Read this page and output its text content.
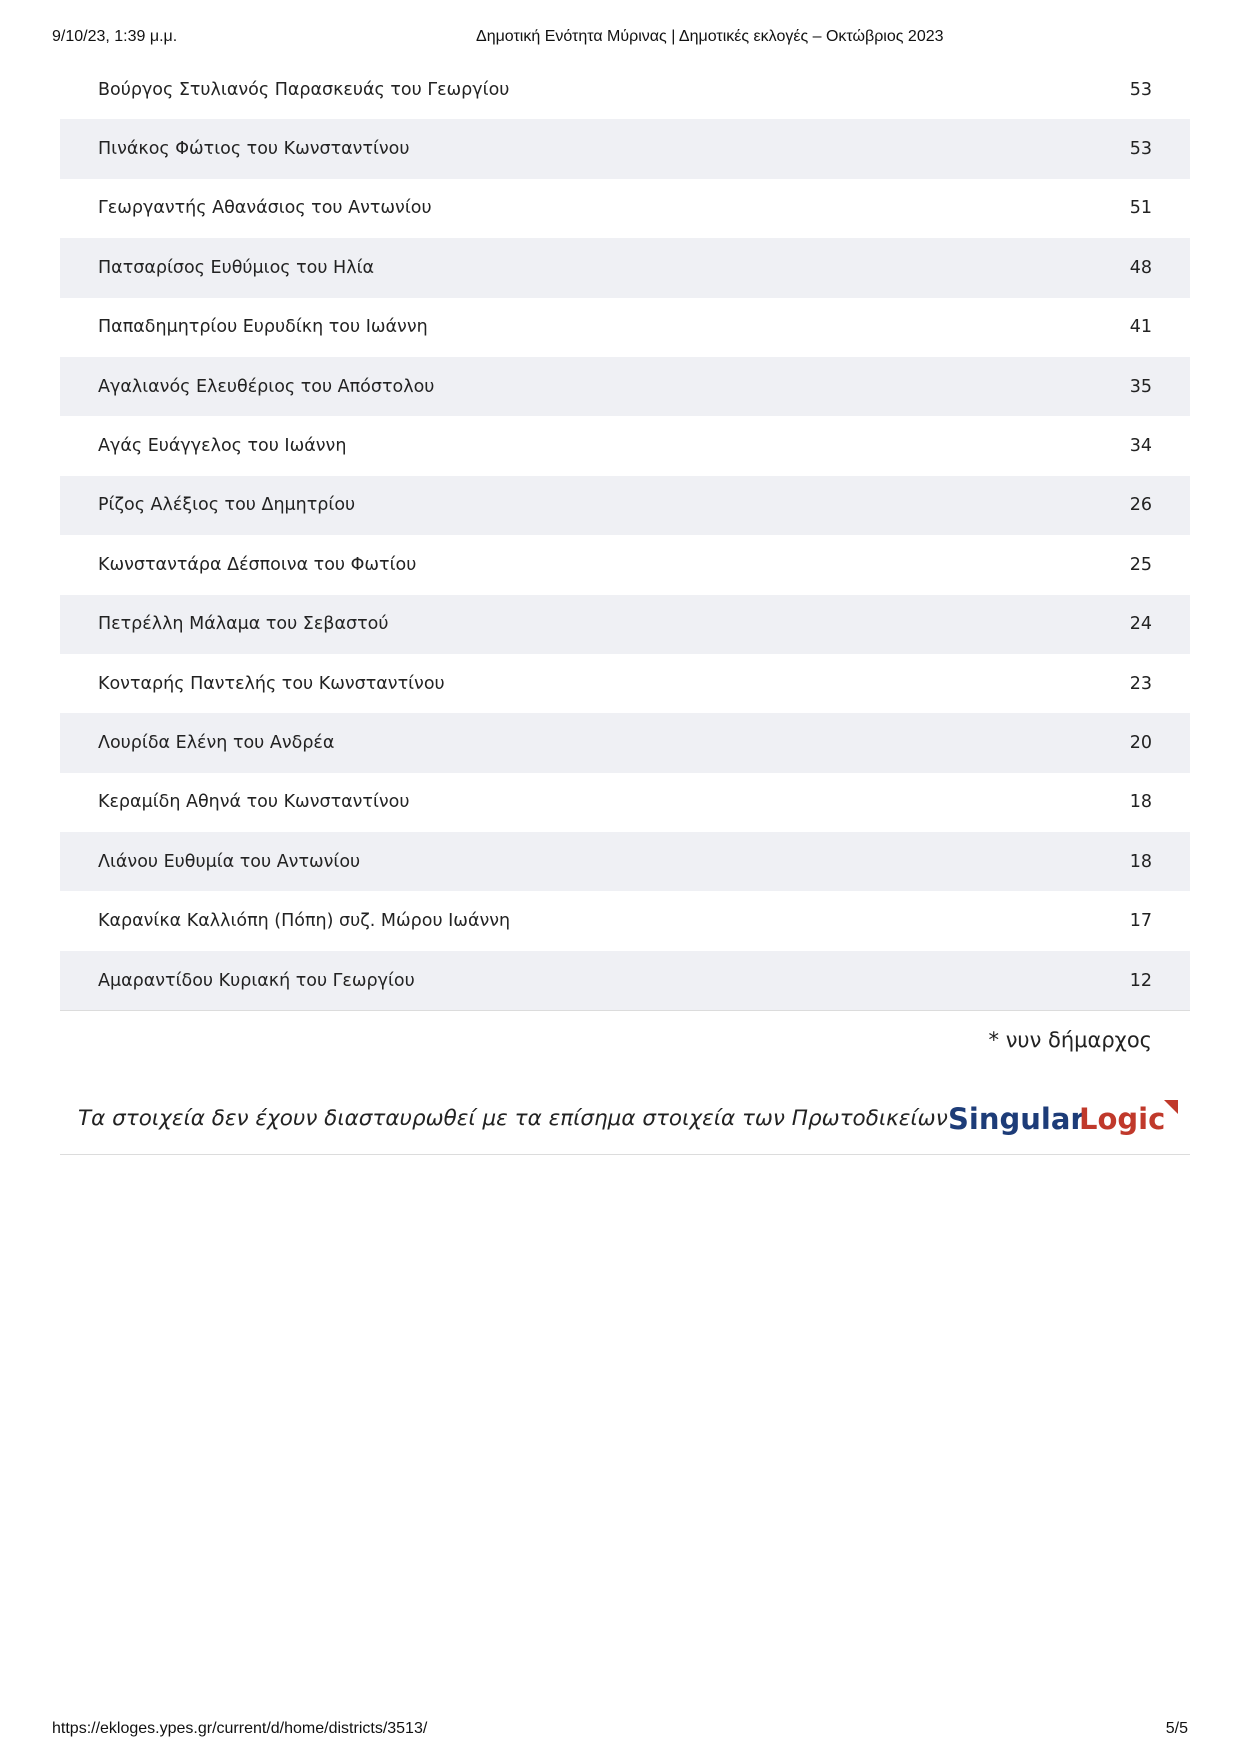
9/10/23, 1:39 μ.μ.	Δημοτική Ενότητα Μύρινας | Δημοτικές εκλογές – Οκτώβριος 2023
Βούργος Στυλιανός Παρασκευάς του Γεωργίου	53
Πινάκος Φώτιος του Κωνσταντίνου	53
Γεωργαντής Αθανάσιος του Αντωνίου	51
Πατσαρίσος Ευθύμιος του Ηλία	48
Παπαδημητρίου Ευρυδίκη του Ιωάννη	41
Αγαλιανός Ελευθέριος του Απόστολου	35
Αγάς Ευάγγελος του Ιωάννη	34
Ρίζος Αλέξιος του Δημητρίου	26
Κωνσταντάρα Δέσποινα του Φωτίου	25
Πετρέλλη Μάλαμα του Σεβαστού	24
Κονταρής Παντελής του Κωνσταντίνου	23
Λουρίδα Ελένη του Ανδρέα	20
Κεραμίδη Αθηνά του Κωνσταντίνου	18
Λιάνου Ευθυμία του Αντωνίου	18
Καρανίκα Καλλιόπη (Πόπη) συζ. Μώρου Ιωάννη	17
Αμαραντίδου Κυριακή του Γεωργίου	12
* νυν δήμαρχος
Τα στοιχεία δεν έχουν διασταυρωθεί με τα επίσημα στοιχεία των Πρωτοδικείων Singular
Logic
https://ekloges.ypes.gr/current/d/home/districts/3513/	5/5
